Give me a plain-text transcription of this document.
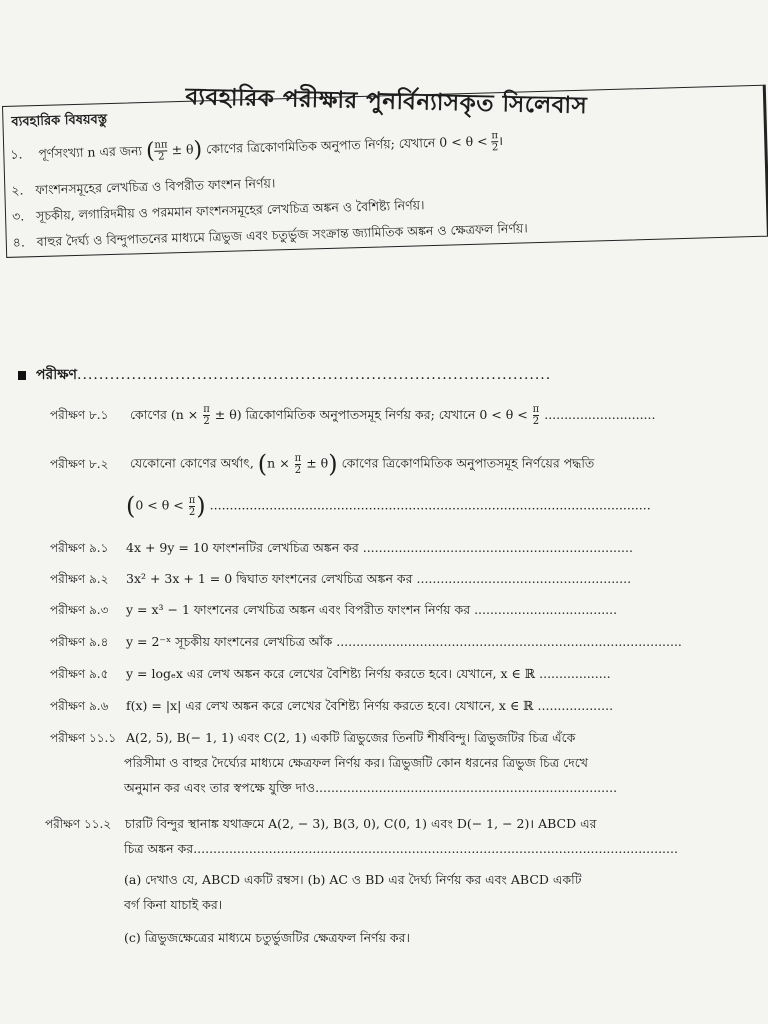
ব্যবহারিক পরীক্ষার পুনর্বিন্যাসকৃত সিলেবাস
ব্যবহারিক বিষয়বস্তু
১. পূর্ণসংখ্যা n এর জন্য ( $\frac{n\pi}{2} \pm \theta$) কোণের ত্রিকোণমিতিক অনুপাত নির্ণয়; যেখানে $0 < \theta < \frac{\pi}{2}$ ।
২. ফাংশনসমূহের লেখচিত্র ও বিপরীত ফাংশন নির্ণয়।
৩. সূচকীয়, লগারিদমীয় ও পরমমান ফাংশনসমূহের লেখচিত্র অঙ্কন ও বৈশিষ্ট্য নির্ণয়।
৪. বাহুর দৈর্ঘ্য ও বিন্দুপাতনের মাধ্যমে ত্রিভুজ এবং চতুর্ভুজ সংক্রান্ত জ্যামিতিক অঙ্কন ও ক্ষেত্রফল নির্ণয়।
পরীক্ষণ.......................................................................................
পরীক্ষণ ৮.১ কোণের $(n \times \frac{\pi}{2} \pm \theta)$ ত্রিকোণমিতিক অনুপাতসমূহ নির্ণয় কর; যেখানে $0 < \theta < \frac{\pi}{2}$ ............................
পরীক্ষণ ৮.২ যেকোনো কোণের অর্থাৎ, $(n \times \frac{\pi}{2} \pm \theta)$ কোণের ত্রিকোণমিতিক অনুপাতসমূহ নির্ণয়ের পদ্ধতি
($0 < \theta < \frac{\pi}{2}$ ) ...............................................................................................................
পরীক্ষণ ৯.১ 4x + 9y = 10 ফাংশনটির লেখচিত্র অঙ্কন কর ....................................................................
পরীক্ষণ ৯.২ 3x² + 3x + 1 = 0 দ্বিঘাত ফাংশনের লেখচিত্র অঙ্কন কর ......................................................
পরীক্ষণ ৯.৩ y = x³ − 1 ফাংশনের লেখচিত্র অঙ্কন এবং বিপরীত ফাংশন নির্ণয় কর ....................................
পরীক্ষণ ৯.৪ y = 2⁻ˣ সূচকীয় ফাংশনের লেখচিত্র আঁক .......................................................................................
পরীক্ষণ ৯.৫ y = logₑx এর লেখ অঙ্কন করে লেখের বৈশিষ্ট্য নির্ণয় করতে হবে। যেখানে, x ∈ ℝ ..................
পরীক্ষণ ৯.৬ f(x) = |x| এর লেখ অঙ্কন করে লেখের বৈশিষ্ট্য নির্ণয় করতে হবে। যেখানে, x ∈ ℝ ...................
পরীক্ষণ ১১.১ A(2, 5), B(− 1, 1) এবং C(2, 1) একটি ত্রিভুজের তিনটি শীর্ষবিন্দু। ত্রিভুজটির চিত্র এঁকে
পরিসীমা ও বাহুর দৈর্ঘ্যের মাধ্যমে ক্ষেত্রফল নির্ণয় কর। ত্রিভুজটি কোন ধরনের ত্রিভুজ চিত্র দেখে
অনুমান কর এবং তার স্বপক্ষে যুক্তি দাও............................................................................
পরীক্ষণ ১১.২ চারটি বিন্দুর স্থানাঙ্ক যথাক্রমে A(2, − 3), B(3, 0), C(0, 1) এবং D(− 1, − 2)। ABCD এর
চিত্র অঙ্কন কর..........................................................................................................................
(a) দেখাও যে, ABCD একটি রম্বস। (b) AC ও BD এর দৈর্ঘ্য নির্ণয় কর এবং ABCD একটি
বর্গ কিনা যাচাই কর।
(c) ত্রিভুজক্ষেত্রের মাধ্যমে চতুর্ভুজটির ক্ষেত্রফল নির্ণয় কর।
